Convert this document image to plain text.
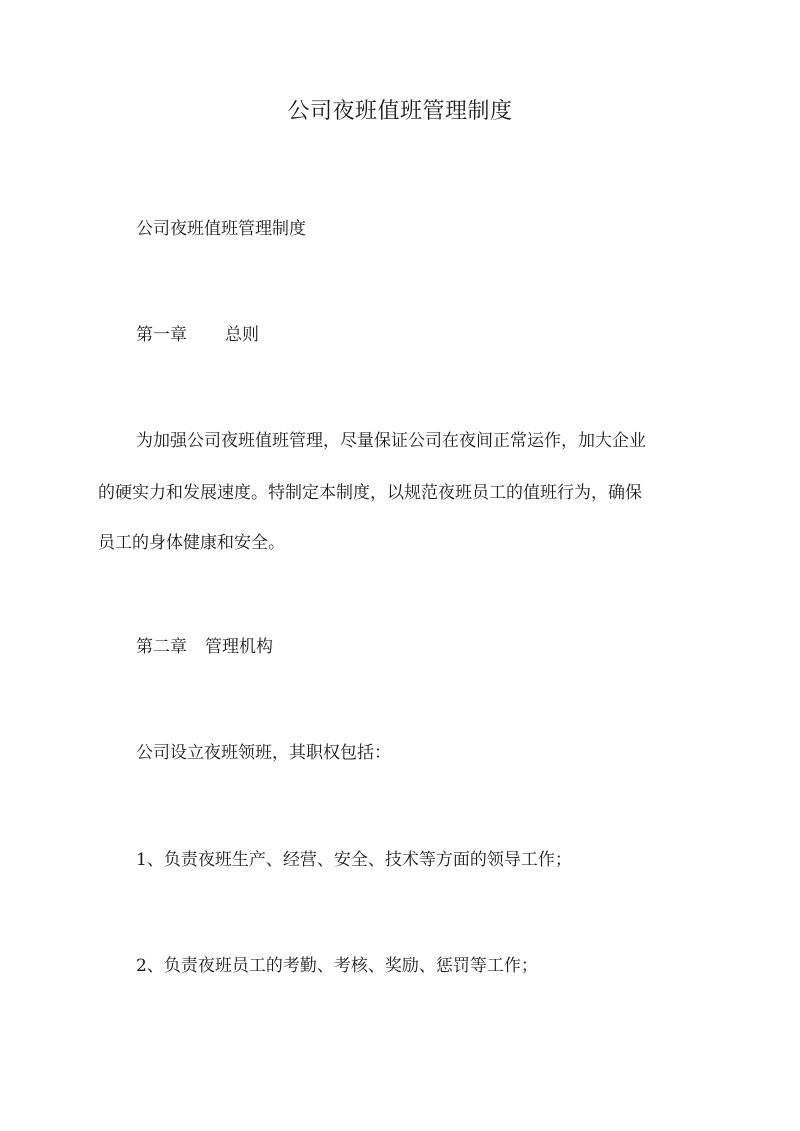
公司夜班值班管理制度
公司夜班值班管理制度
第一章 总则
为加强公司夜班值班管理，尽量保证公司在夜间正常运作，加大企业
的硬实力和发展速度。特制定本制度，以规范夜班员工的值班行为，确保
员工的身体健康和安全。
第二章 管理机构
公司设立夜班领班，其职权包括：
1、负责夜班生产、经营、安全、技术等方面的领导工作；
2、负责夜班员工的考勤、考核、奖励、惩罚等工作；
